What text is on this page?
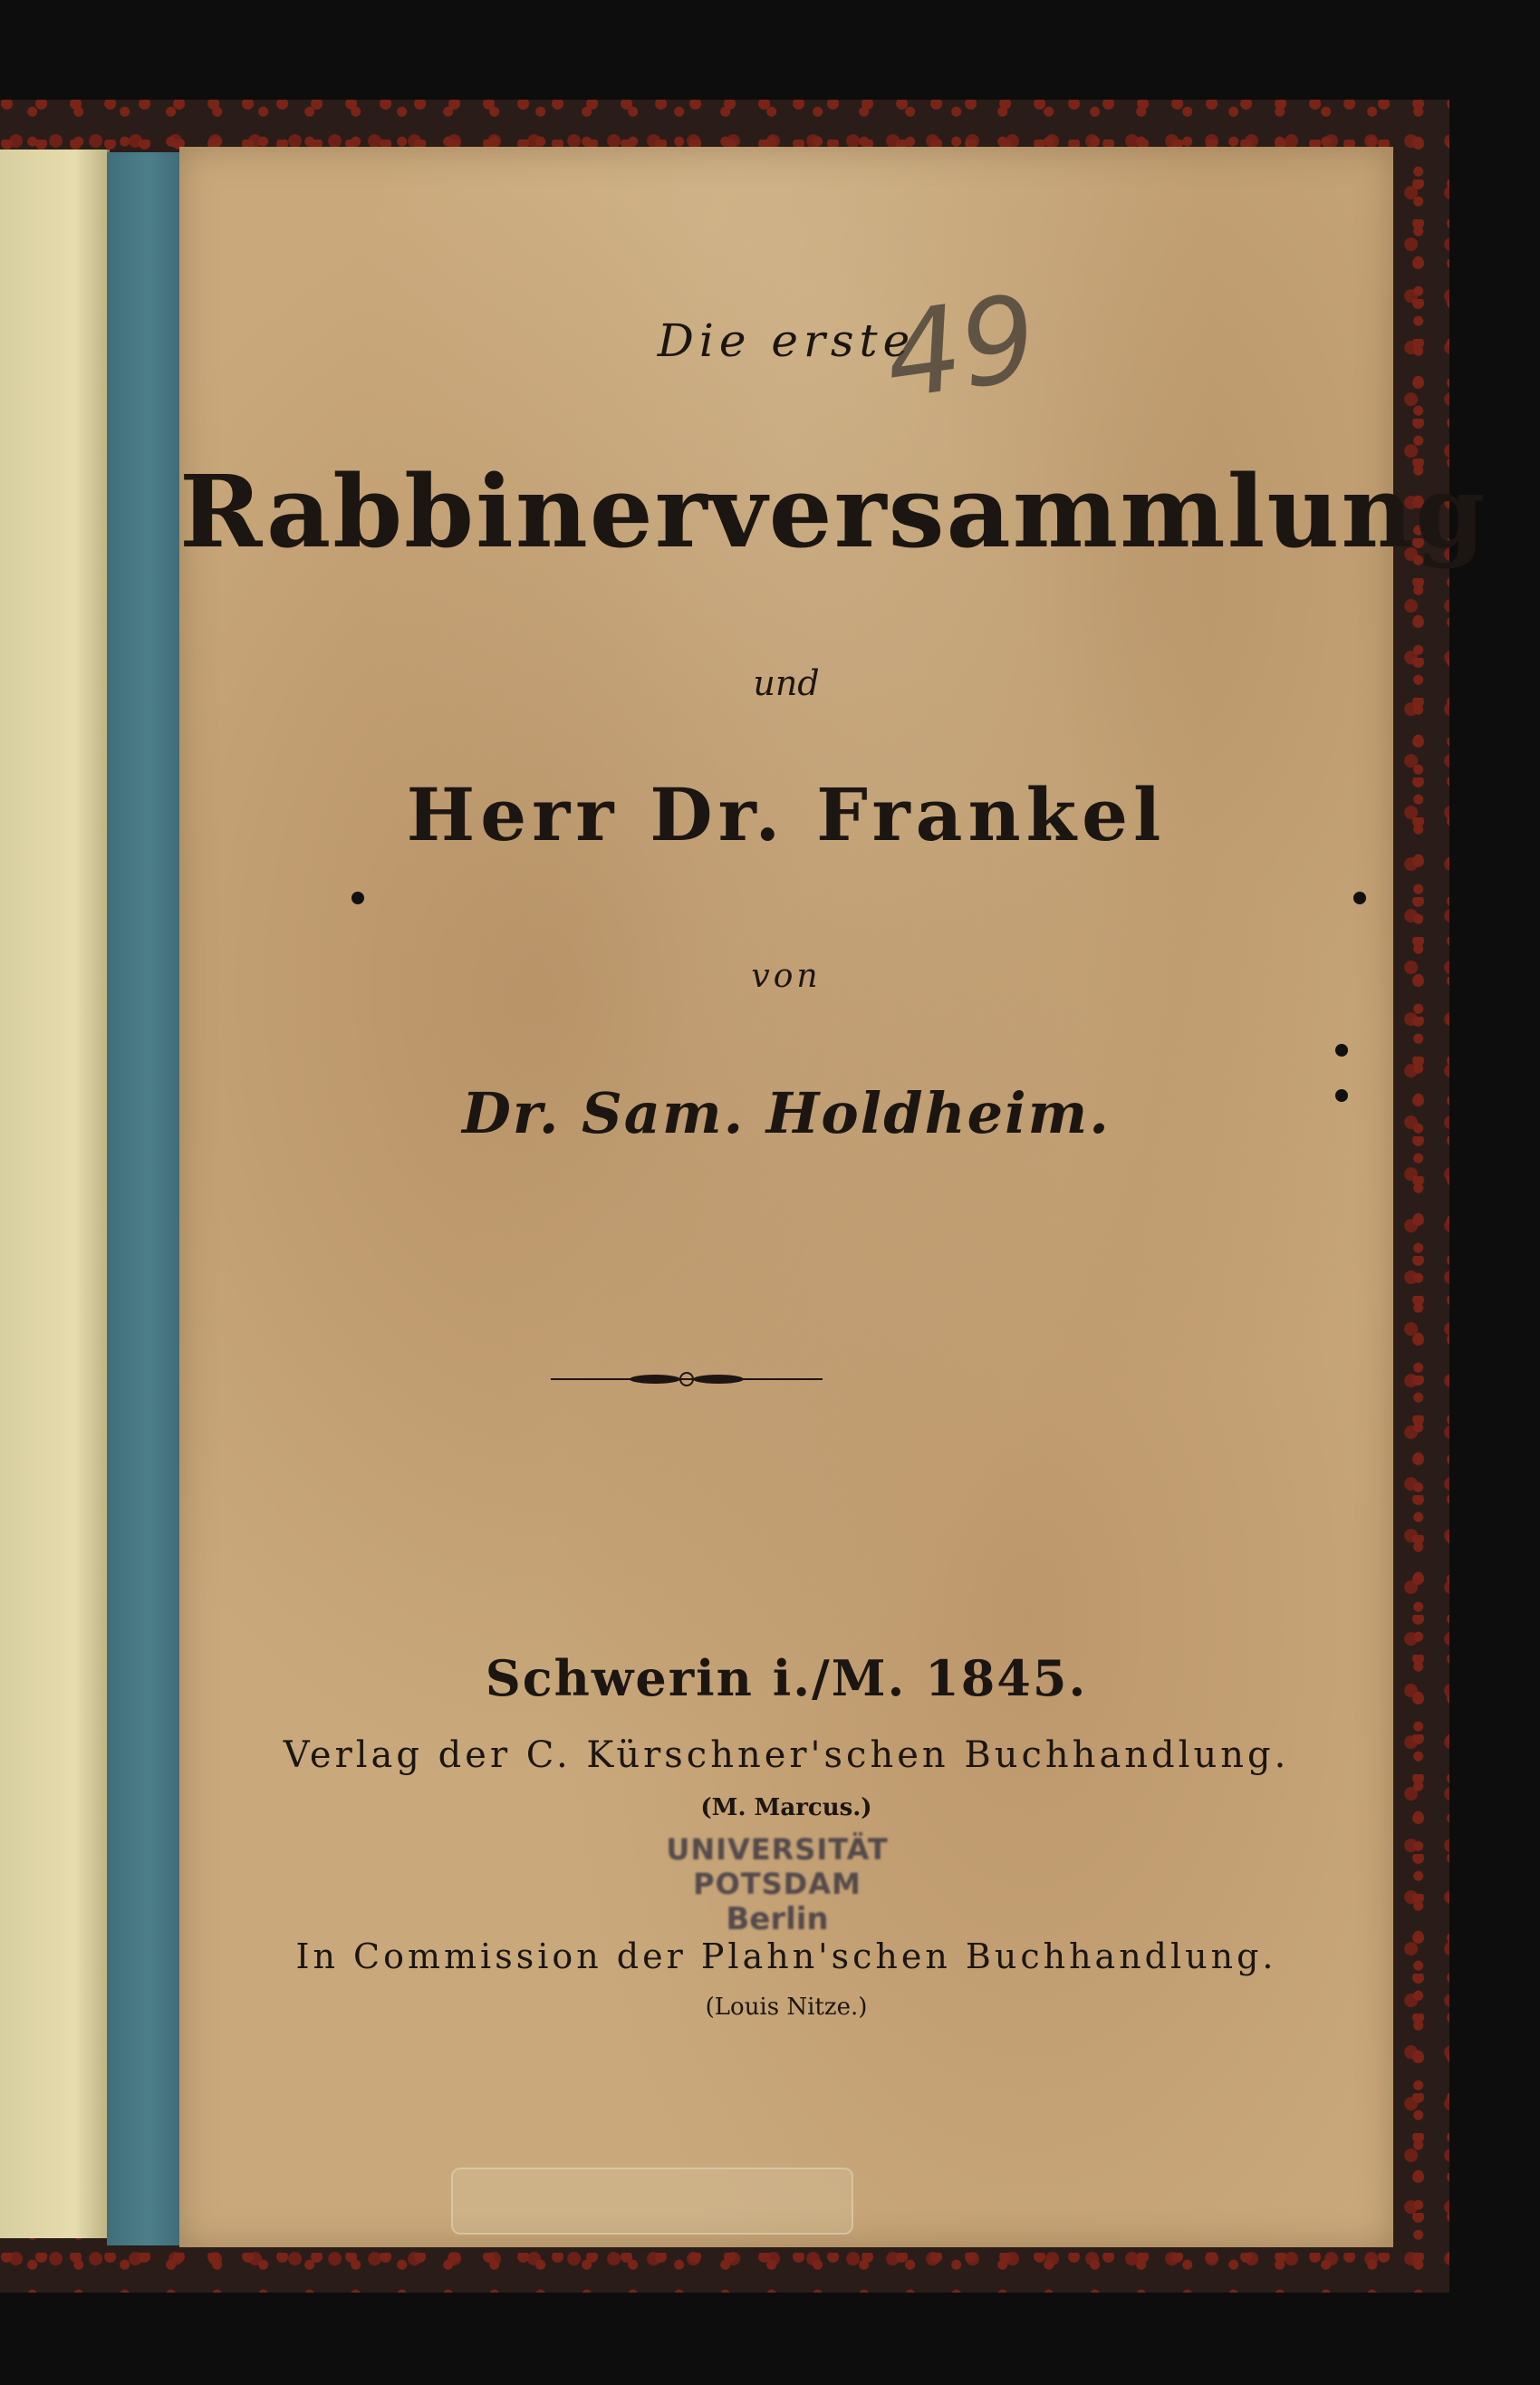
Die erste
Rabbinerversammlung
und
Herr Dr. Frankel
von
Dr. Sam. Holdheim.
Schwerin i./M. 1845.
Verlag der C. Kürschner'schen Buchhandlung.
(M. Marcus.)
In Commission der Plahn'schen Buchhandlung.
(Louis Nitze.)
UNIVERSITÄT POTSDAM
Berlin
49
